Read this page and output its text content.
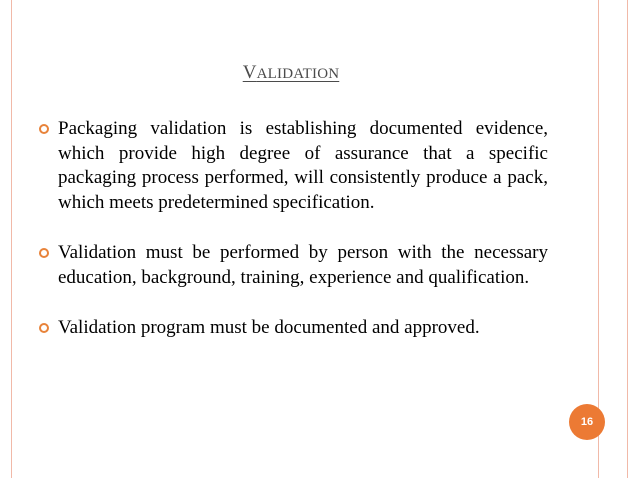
VALIDATION
Packaging validation is establishing documented evidence, which provide high degree of assurance that a specific packaging process performed, will consistently produce a pack, which meets predetermined specification.
Validation must be performed by person with the necessary education, background, training, experience and qualification.
Validation program must be documented and approved.
16
